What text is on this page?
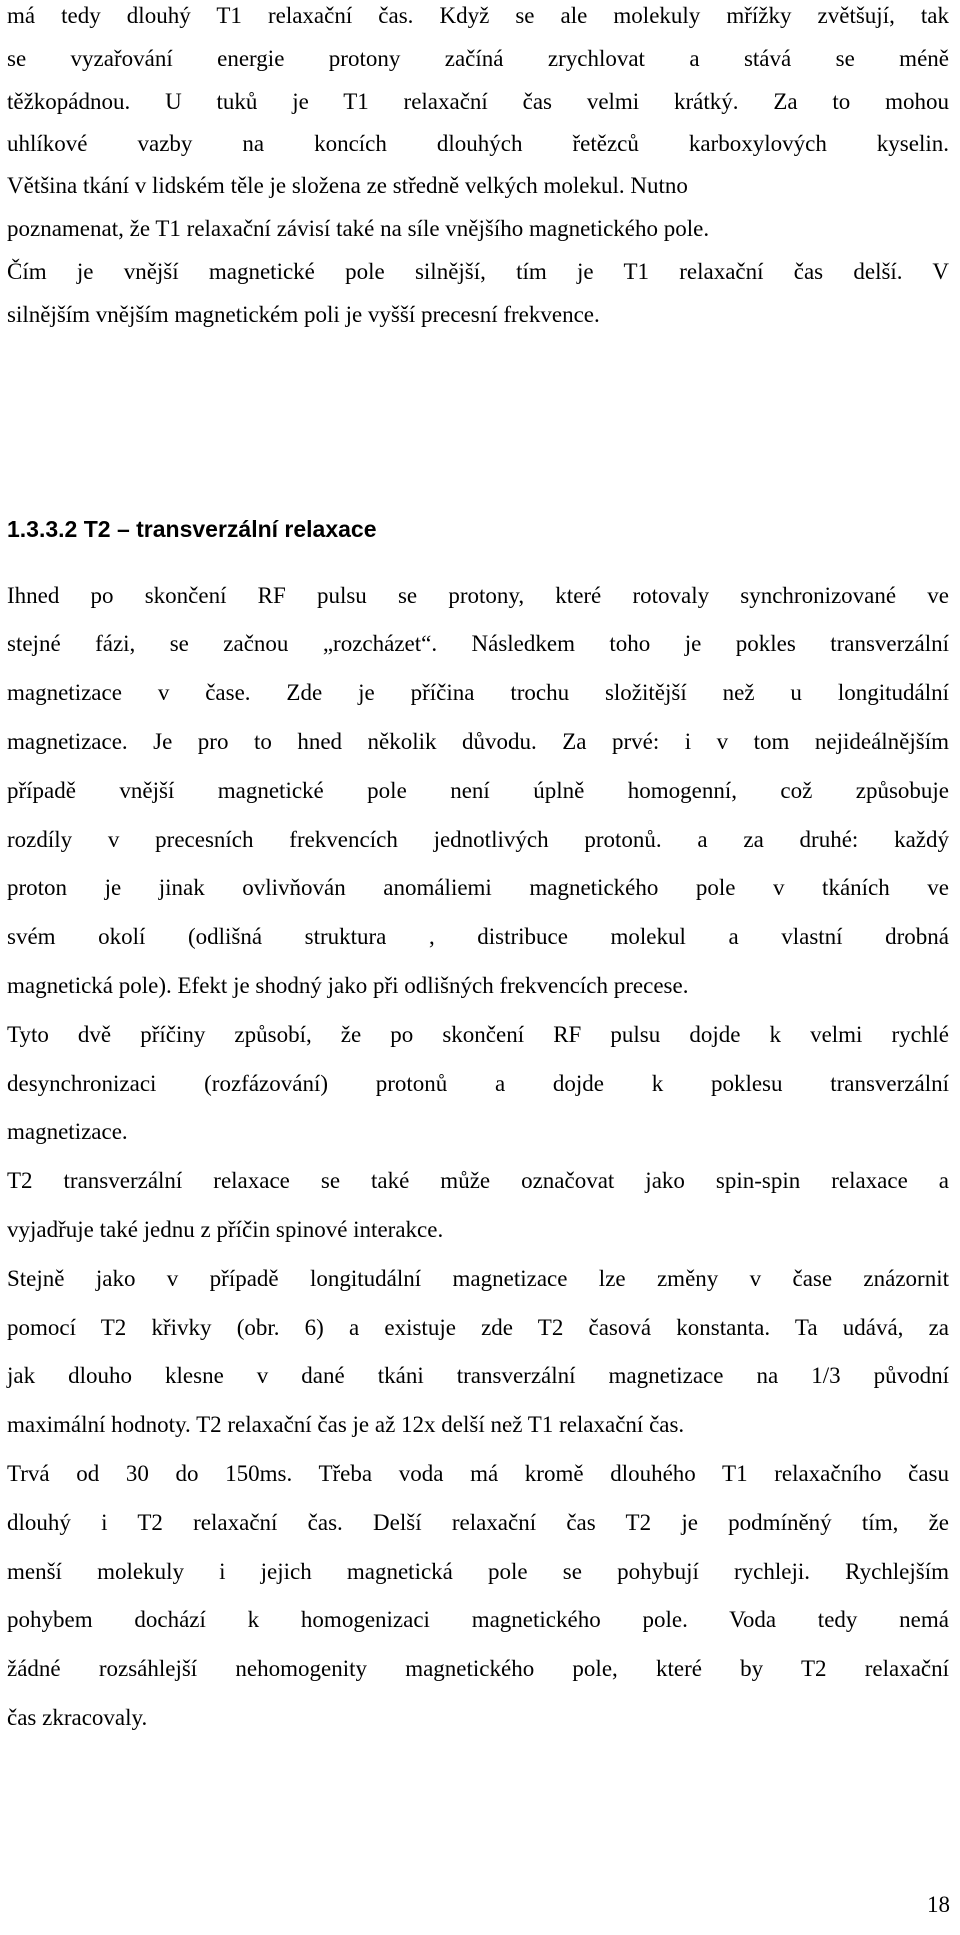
má tedy dlouhý T1 relaxační čas. Když se ale molekuly mřížky zvětšují, tak

se vyzařování energie protony začíná zrychlovat a stává se méně

těžkopádnou. U tuků je T1 relaxační čas velmi krátký. Za to mohou

uhlíkové vazby na koncích dlouhých řetězců karboxylových kyselin.

Většina tkání v lidském těle je složena ze středně velkých molekul. Nutno

poznamenat, že T1 relaxační závisí také na síle vnějšího magnetického pole.

Čím je vnější magnetické pole silnější, tím je T1 relaxační čas delší. V

silnějším vnějším magnetickém poli je vyšší precesní frekvence.

1.3.3.2 T2 – transverzální relaxace

Ihned po skončení RF pulsu se protony, které rotovaly synchronizované ve

stejné fázi, se začnou „rozcházet“. Následkem toho je pokles transverzální

magnetizace v čase. Zde je příčina trochu složitější než u longitudální

magnetizace. Je pro to hned několik důvodu. Za prvé: i v tom nejideálnějším

případě vnější magnetické pole není úplně homogenní, což způsobuje

rozdíly v precesních frekvencích jednotlivých protonů. a za druhé: každý

proton je jinak ovlivňován anomáliemi magnetického pole v tkáních ve

svém okolí (odlišná struktura , distribuce molekul a vlastní drobná

magnetická pole). Efekt je shodný jako při odlišných frekvencích precese.

Tyto dvě příčiny způsobí, že po skončení RF pulsu dojde k velmi rychlé

desynchronizaci (rozfázování) protonů a dojde k poklesu transverzální

magnetizace.

T2 transverzální relaxace se také může označovat jako spin-spin relaxace a

vyjadřuje také jednu z příčin spinové interakce.

Stejně jako v případě longitudální magnetizace lze změny v čase znázornit

pomocí T2 křivky (obr. 6) a existuje zde T2 časová konstanta. Ta udává, za

jak dlouho klesne v dané tkáni transverzální magnetizace na 1/3 původní

maximální hodnoty. T2 relaxační čas je až 12x delší než T1 relaxační čas.

Trvá od 30 do 150ms. Třeba voda má kromě dlouhého T1 relaxačního času

dlouhý i T2 relaxační čas. Delší relaxační čas T2 je podmíněný tím, že

menší molekuly i jejich magnetická pole se pohybují rychleji. Rychlejším

pohybem dochází k homogenizaci magnetického pole. Voda tedy nemá

žádné rozsáhlejší nehomogenity magnetického pole, které by T2 relaxační

čas zkracovaly.

18
